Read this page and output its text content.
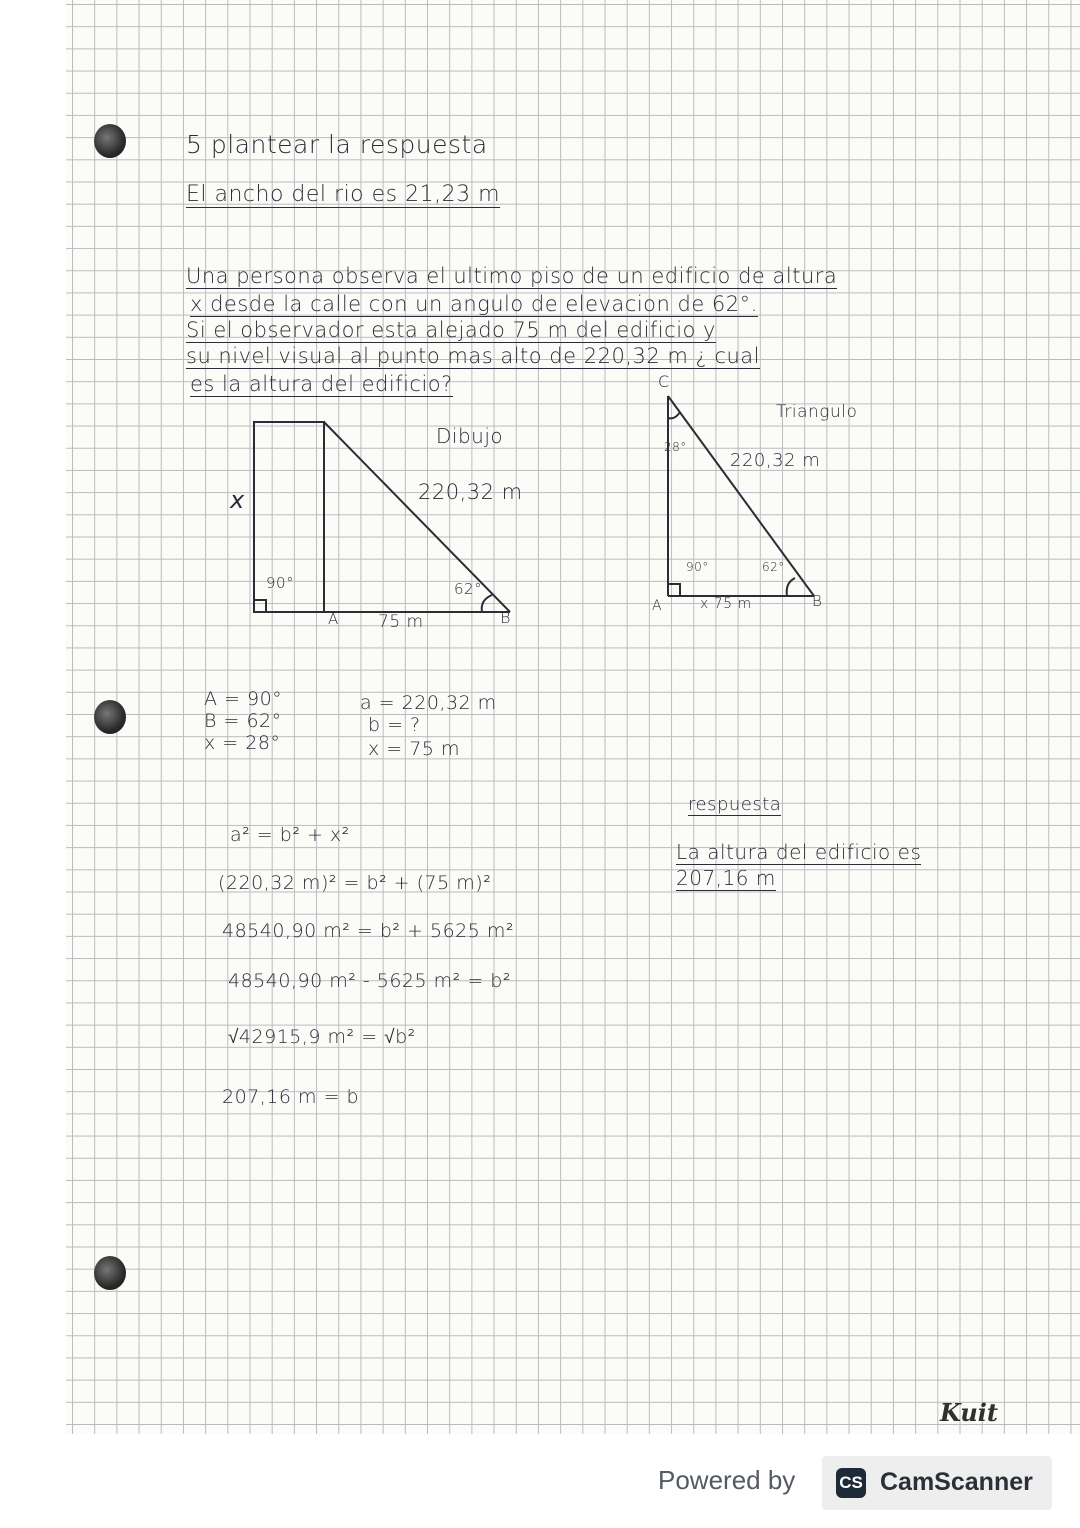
5 plantear la respuesta
El ancho del rio es 21,23 m
Una persona observa el ultimo piso de un edificio de altura
x desde la calle con un angulo de elevacion de 62°.
Si el observador esta alejado 75 m del edificio y
su nivel visual al punto mas alto de 220,32 m ¿ cual
es la altura del edificio?
Dibujo
220,32 m
x
90°	62°
75 m
A	B
Triangulo
C
28°
220,32 m
90°	62°
x 75 m
A	B
A = 90°
B = 62°
x = 28°
a = 220,32 m
b = ?
x = 75 m
a² = b² + x²
(220,32 m)² = b² + (75 m)²
48540,90 m² = b² + 5625 m²
48540,90 m² - 5625 m² = b²
√42915,9 m² = √b²
207,16 m = b
respuesta
La altura del edificio es
207,16 m
Kuit
Powered by	CS CamScanner
